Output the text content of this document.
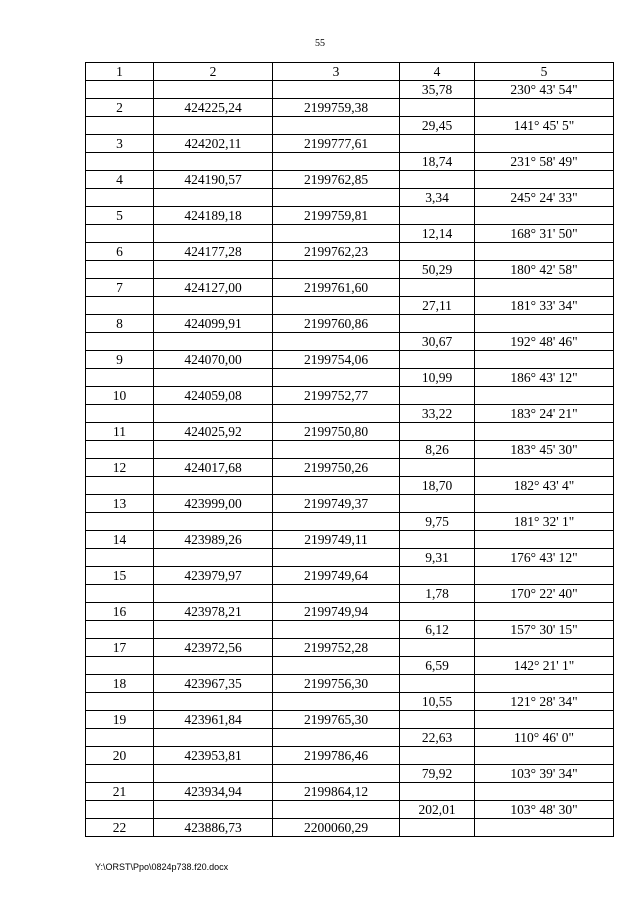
55
1	2	3	4	5
			35,78	230° 43' 54"
2	424225,24	2199759,38		
			29,45	141° 45' 5"
3	424202,11	2199777,61		
			18,74	231° 58' 49"
4	424190,57	2199762,85		
			3,34	245° 24' 33"
5	424189,18	2199759,81		
			12,14	168° 31' 50"
6	424177,28	2199762,23		
			50,29	180° 42' 58"
7	424127,00	2199761,60		
			27,11	181° 33' 34"
8	424099,91	2199760,86		
			30,67	192° 48' 46"
9	424070,00	2199754,06		
			10,99	186° 43' 12"
10	424059,08	2199752,77		
			33,22	183° 24' 21"
11	424025,92	2199750,80		
			8,26	183° 45' 30"
12	424017,68	2199750,26		
			18,70	182° 43' 4"
13	423999,00	2199749,37		
			9,75	181° 32' 1"
14	423989,26	2199749,11		
			9,31	176° 43' 12"
15	423979,97	2199749,64		
			1,78	170° 22' 40"
16	423978,21	2199749,94		
			6,12	157° 30' 15"
17	423972,56	2199752,28		
			6,59	142° 21' 1"
18	423967,35	2199756,30		
			10,55	121° 28' 34"
19	423961,84	2199765,30		
			22,63	110° 46' 0"
20	423953,81	2199786,46		
			79,92	103° 39' 34"
21	423934,94	2199864,12		
			202,01	103° 48' 30"
22	423886,73	2200060,29		
Y:\ORST\Ppo\0824p738.f20.docx
